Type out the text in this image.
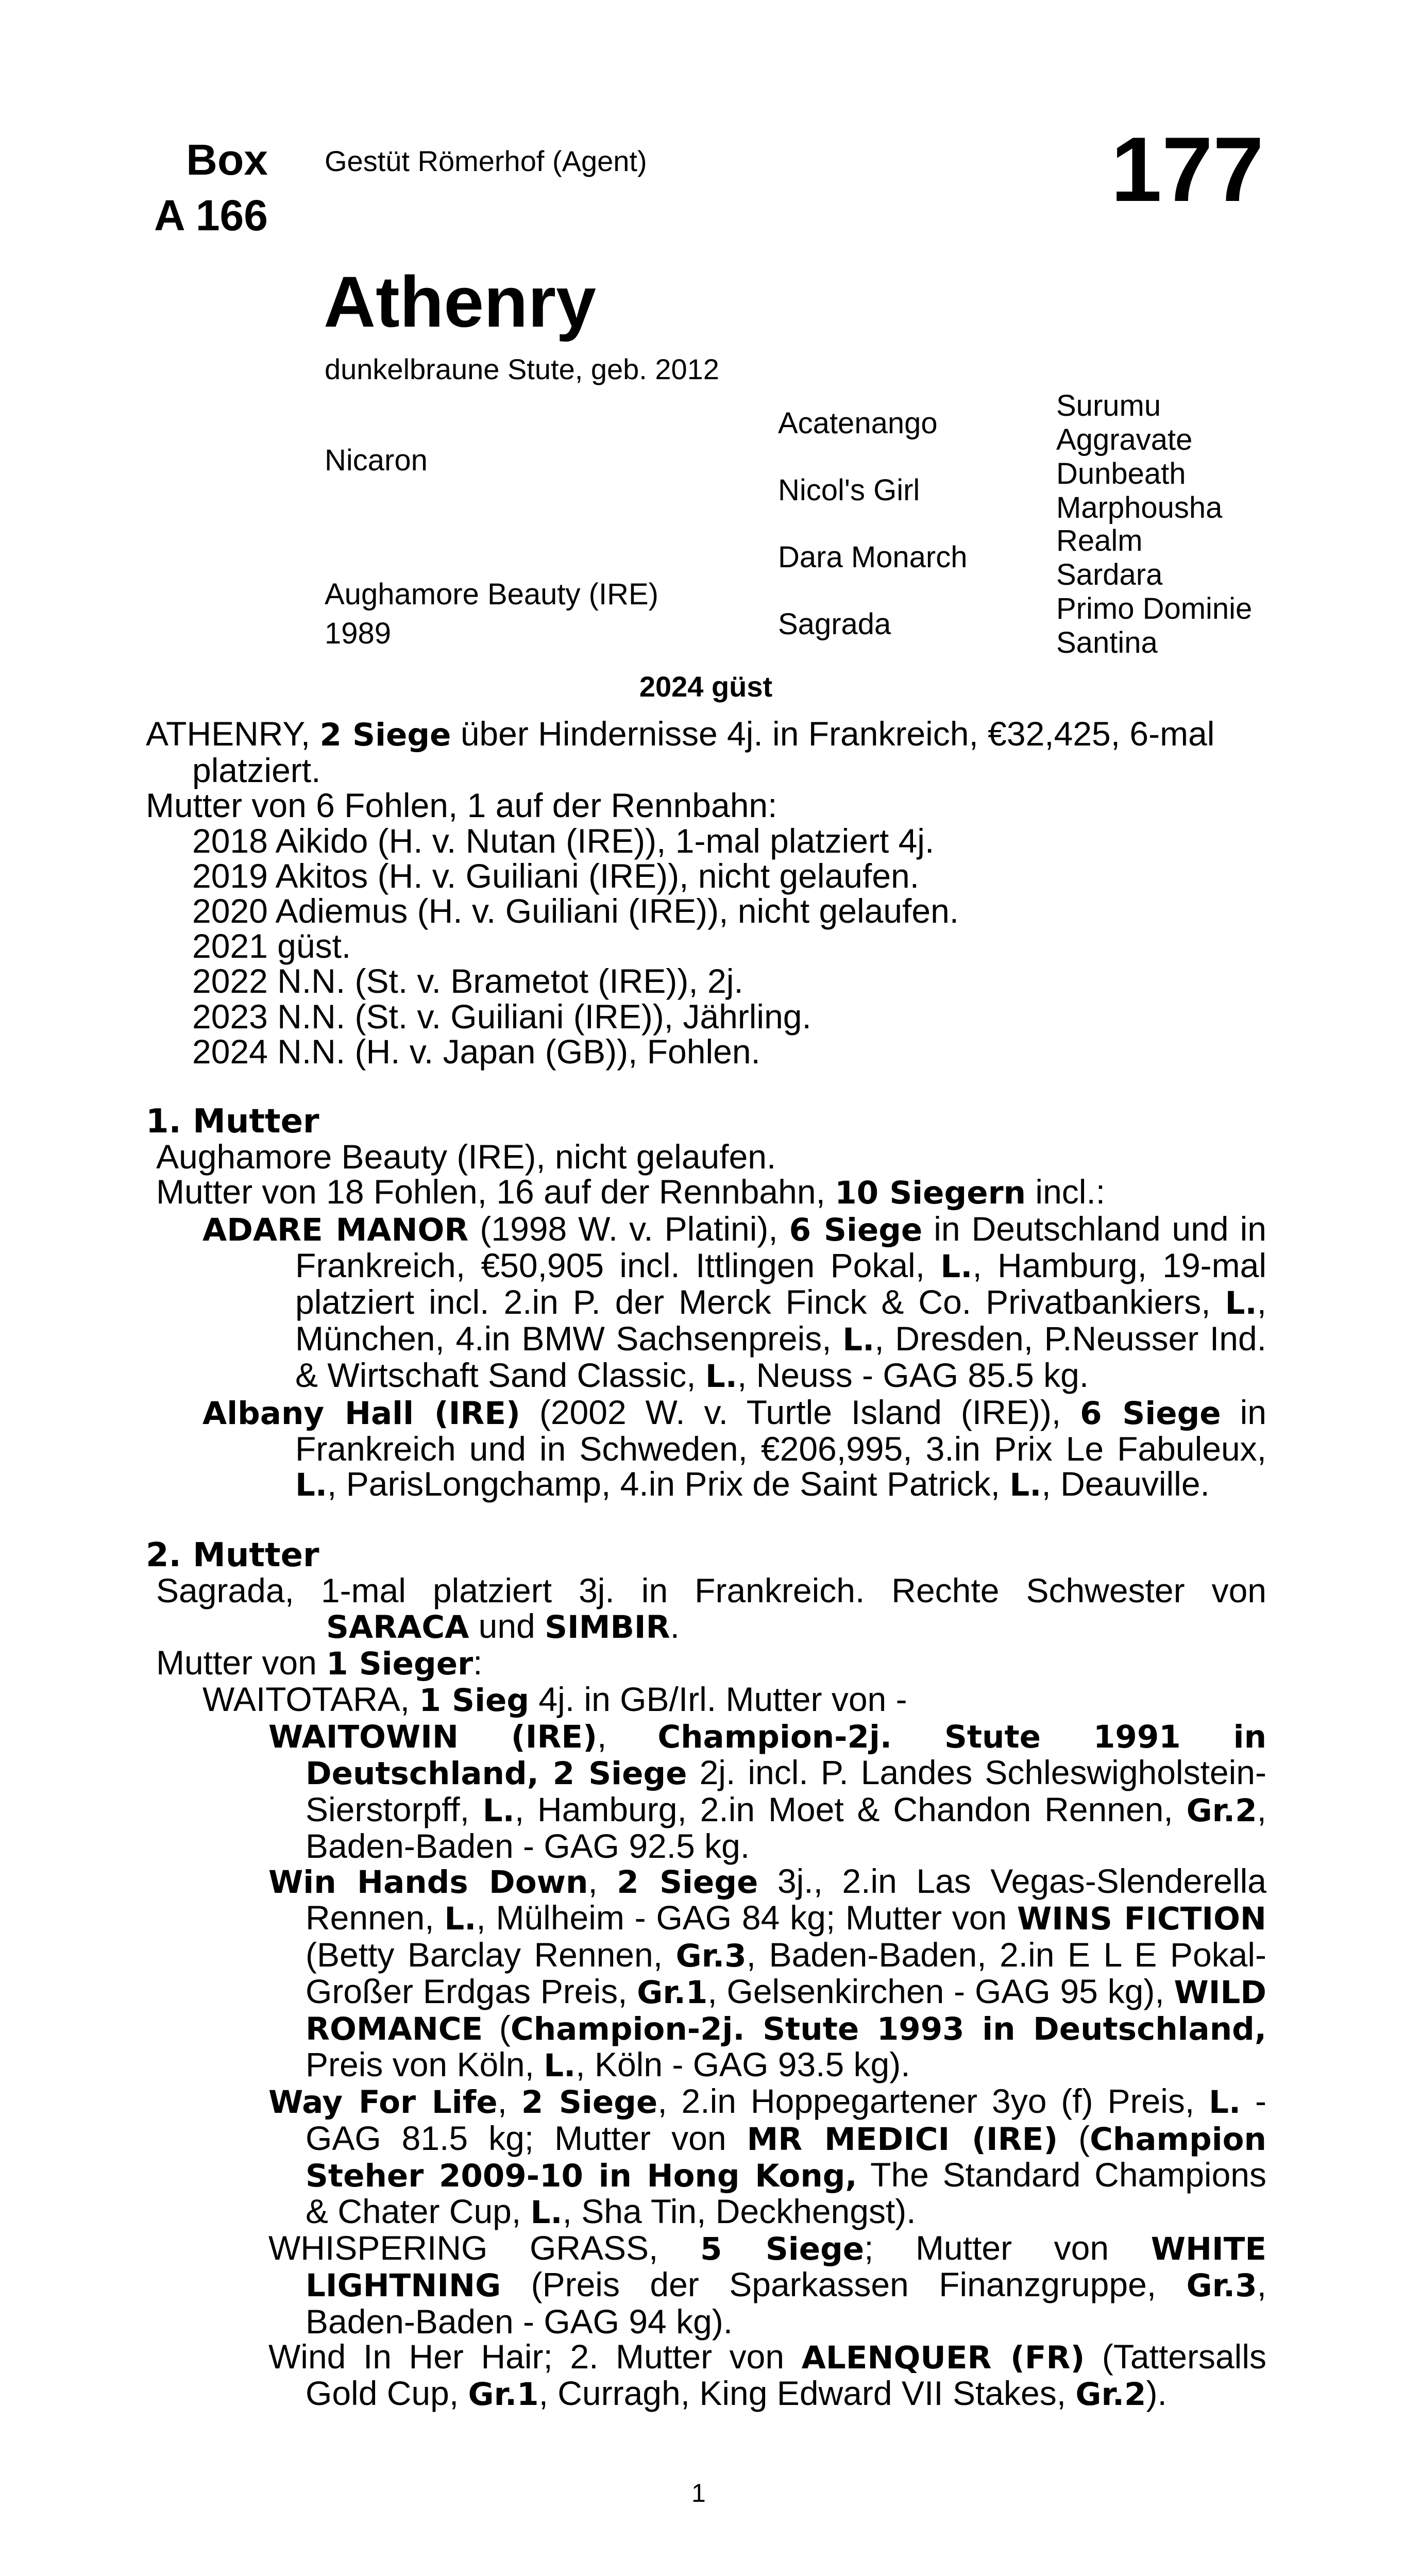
Box
A 166
Gestüt Römerhof (Agent)	177
Athenry
dunkelbraune Stute, geb. 2012
Nicaron
Aughamore Beauty (IRE)
1989
Acatenango
Nicol's Girl
Dara Monarch
Sagrada
Surumu
Aggravate
Dunbeath
Marphousha
Realm
Sardara
Primo Dominie
Santina
2024 güst

ATHENRY, 2 Siege über Hindernisse 4j. in Frankreich, €32,425, 6-mal platziert.

Mutter von 6 Fohlen, 1 auf der Rennbahn:

2018 Aikido (H. v. Nutan (IRE)), 1-mal platziert 4j.

2019 Akitos (H. v. Guiliani (IRE)), nicht gelaufen.

2020 Adiemus (H. v. Guiliani (IRE)), nicht gelaufen.

2021 güst.

2022 N.N. (St. v. Brametot (IRE)), 2j.

2023 N.N. (St. v. Guiliani (IRE)), Jährling.

2024 N.N. (H. v. Japan (GB)), Fohlen.

1. Mutter

Aughamore Beauty (IRE), nicht gelaufen.

Mutter von 18 Fohlen, 16 auf der Rennbahn, 10 Siegern incl.:

ADARE MANOR (1998 W. v. Platini), 6 Siege in Deutschland und in Frankreich, €50,905 incl. Ittlingen Pokal, L., Hamburg, 19-mal platziert incl. 2.in P. der Merck Finck & Co. Privatbankiers, L., München, 4.in BMW Sachsenpreis, L., Dresden, P.Neusser Ind. & Wirtschaft Sand Classic, L., Neuss - GAG 85.5 kg.

Albany Hall (IRE) (2002 W. v. Turtle Island (IRE)), 6 Siege in Frankreich und in Schweden, €206,995, 3.in Prix Le Fabuleux, L., ParisLongchamp, 4.in Prix de Saint Patrick, L., Deauville.

2. Mutter

Sagrada, 1-mal platziert 3j. in Frankreich. Rechte Schwester von SARACA und SIMBIR.

Mutter von 1 Sieger:

WAITOTARA, 1 Sieg 4j. in GB/Irl. Mutter von -

WAITOWIN (IRE), Champion-2j. Stute 1991 in Deutschland, 2 Siege 2j. incl. P. Landes Schleswigholstein-Sierstorpff, L., Hamburg, 2.in Moet & Chandon Rennen, Gr.2, Baden-Baden - GAG 92.5 kg.

Win Hands Down, 2 Siege 3j., 2.in Las Vegas-Slenderella Rennen, L., Mülheim - GAG 84 kg; Mutter von WINS FICTION (Betty Barclay Rennen, Gr.3, Baden-Baden, 2.in E L E Pokal-Großer Erdgas Preis, Gr.1, Gelsenkirchen - GAG 95 kg), WILD ROMANCE (Champion-2j. Stute 1993 in Deutschland, Preis von Köln, L., Köln - GAG 93.5 kg).

Way For Life, 2 Siege, 2.in Hoppegartener 3yo (f) Preis, L. - GAG 81.5 kg; Mutter von MR MEDICI (IRE) (Champion Steher 2009-10 in Hong Kong, The Standard Champions & Chater Cup, L., Sha Tin, Deckhengst).

WHISPERING GRASS, 5 Siege; Mutter von WHITE LIGHTNING (Preis der Sparkassen Finanzgruppe, Gr.3, Baden-Baden - GAG 94 kg).

Wind In Her Hair; 2. Mutter von ALENQUER (FR) (Tattersalls Gold Cup, Gr.1, Curragh, King Edward VII Stakes, Gr.2).

1
